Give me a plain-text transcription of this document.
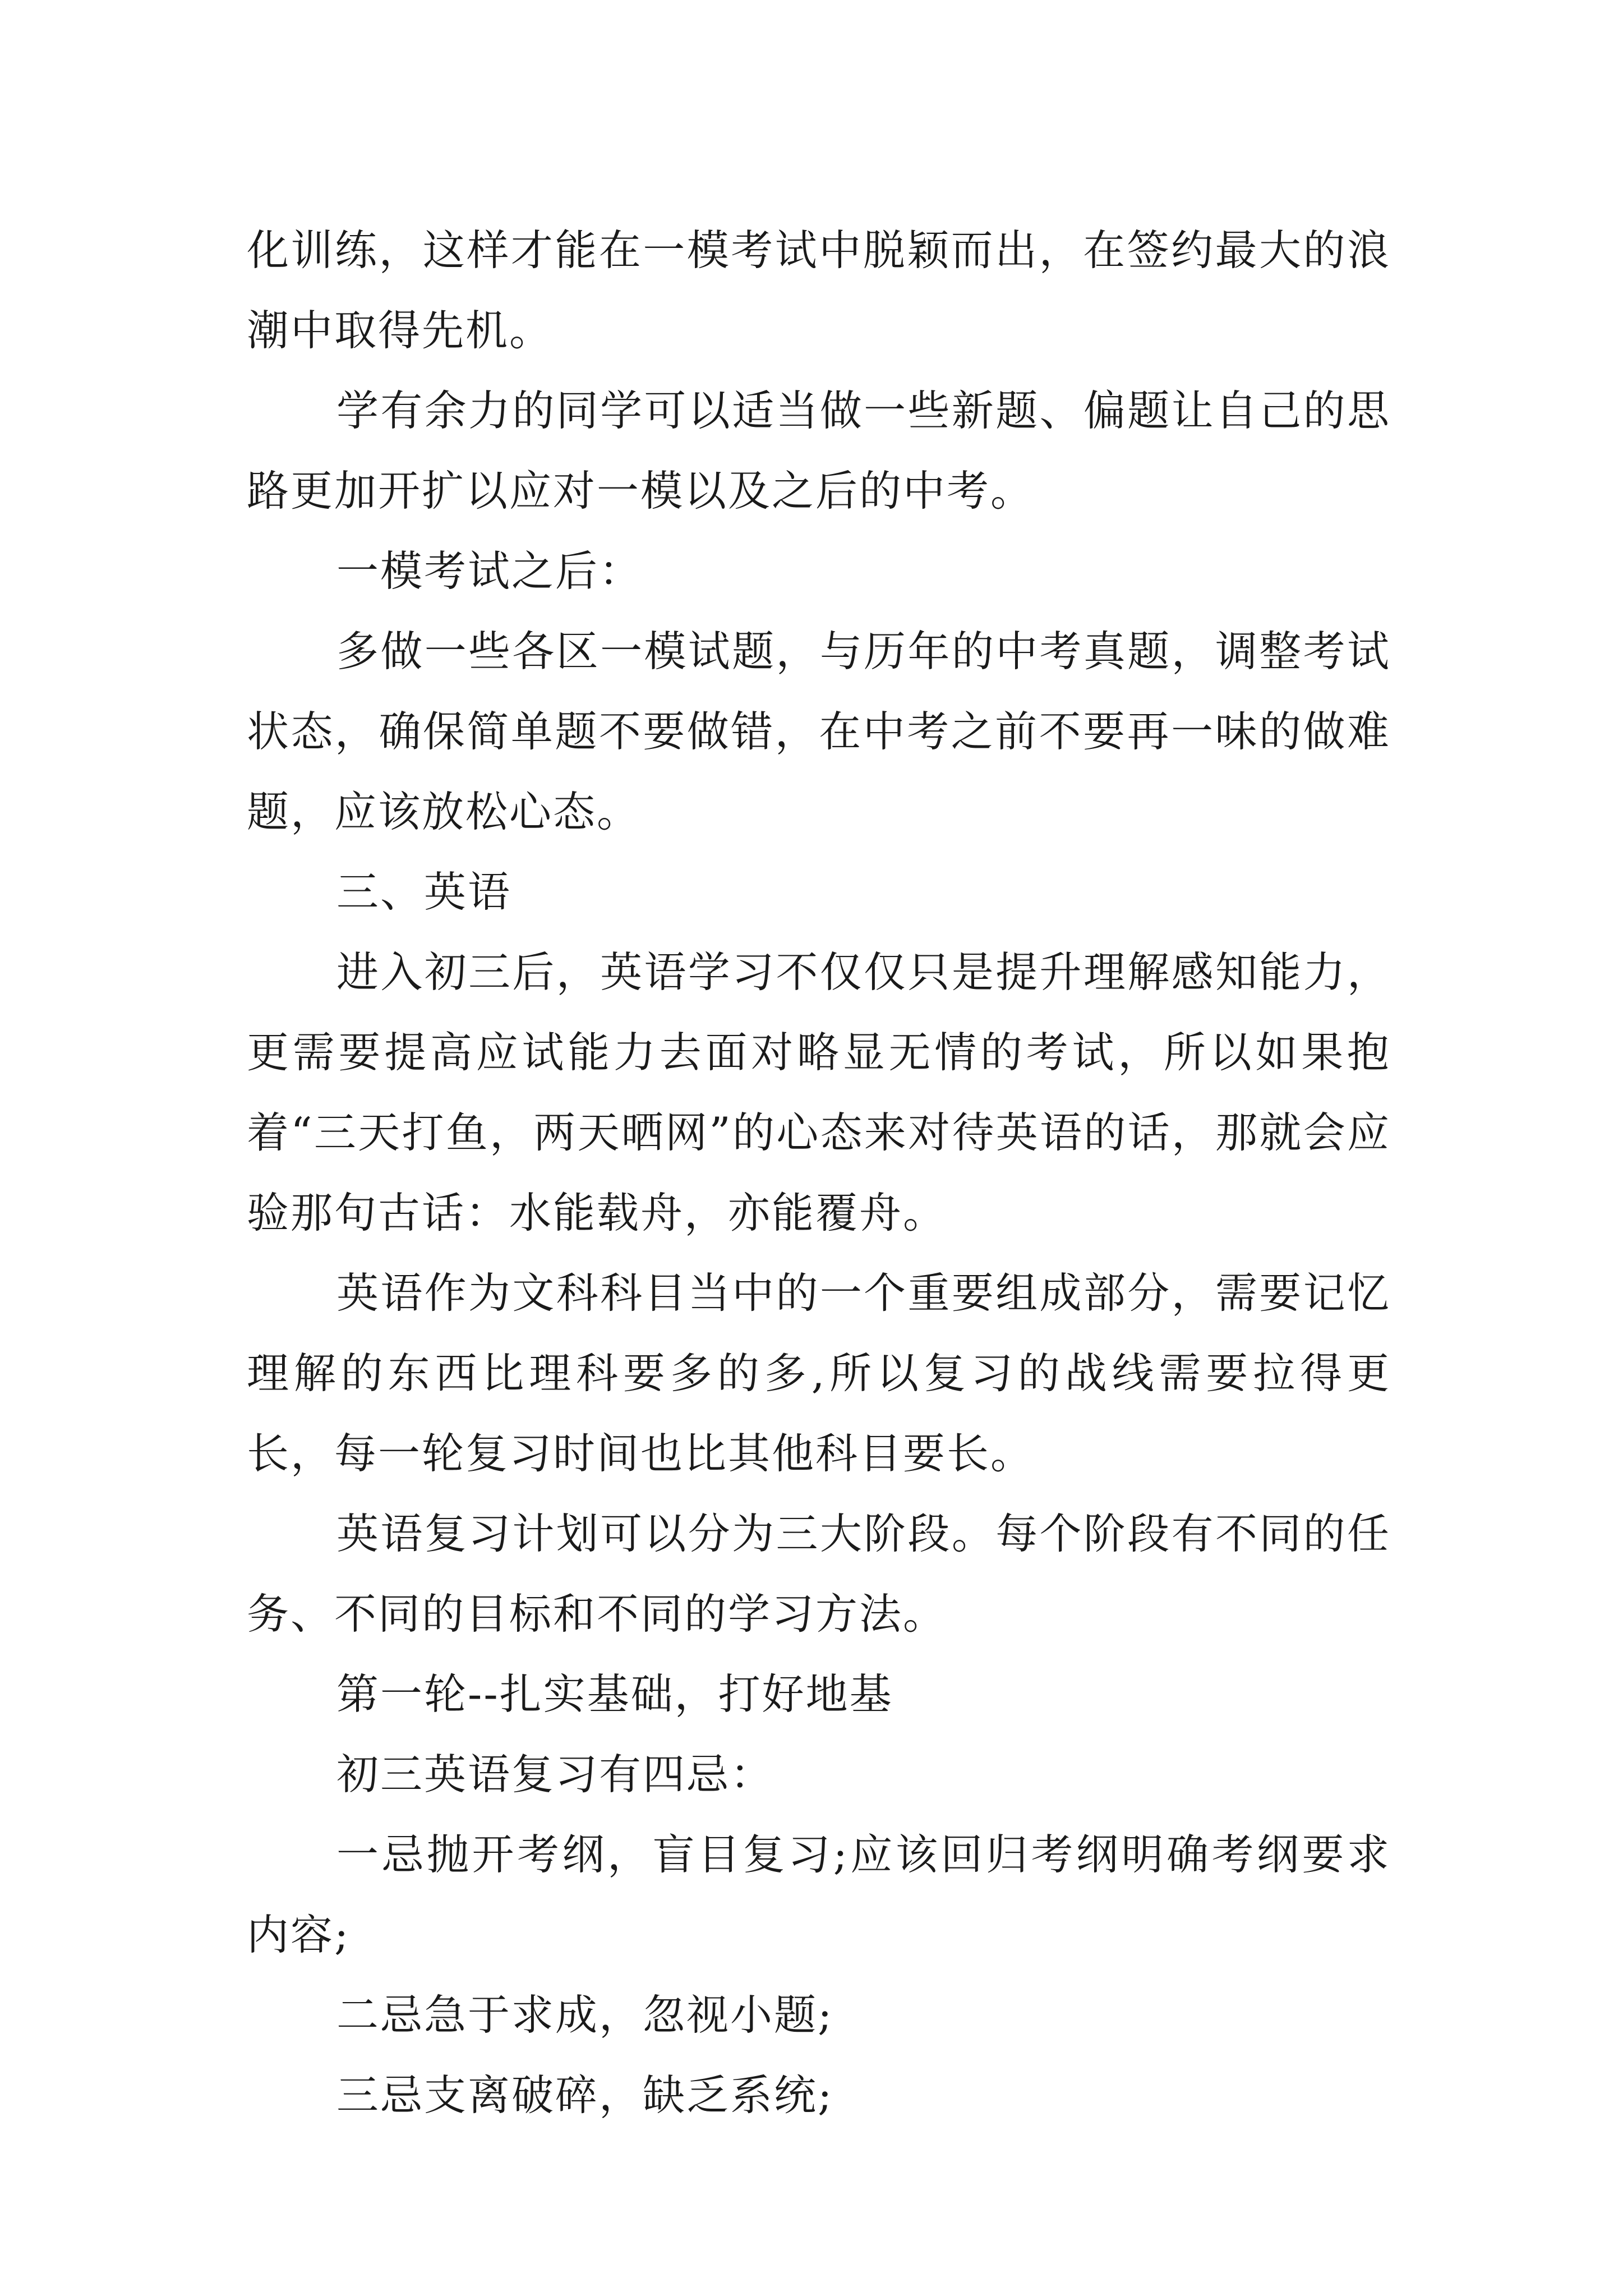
化训练，这样才能在一模考试中脱颖而出，在签约最大的浪潮中取得先机。

学有余力的同学可以适当做一些新题、偏题让自己的思路更加开扩以应对一模以及之后的中考。

一模考试之后：

多做一些各区一模试题，与历年的中考真题，调整考试状态，确保简单题不要做错，在中考之前不要再一味的做难题，应该放松心态。

三、英语

进入初三后，英语学习不仅仅只是提升理解感知能力，更需要提高应试能力去面对略显无情的考试，所以如果抱着“三天打鱼，两天晒网”的心态来对待英语的话，那就会应验那句古话：水能载舟，亦能覆舟。

英语作为文科科目当中的一个重要组成部分，需要记忆理解的东西比理科要多的多,所以复习的战线需要拉得更长，每一轮复习时间也比其他科目要长。

英语复习计划可以分为三大阶段。每个阶段有不同的任务、不同的目标和不同的学习方法。

第一轮--扎实基础，打好地基

初三英语复习有四忌：

一忌抛开考纲，盲目复习;应该回归考纲明确考纲要求内容;

二忌急于求成，忽视小题;

三忌支离破碎，缺乏系统;
